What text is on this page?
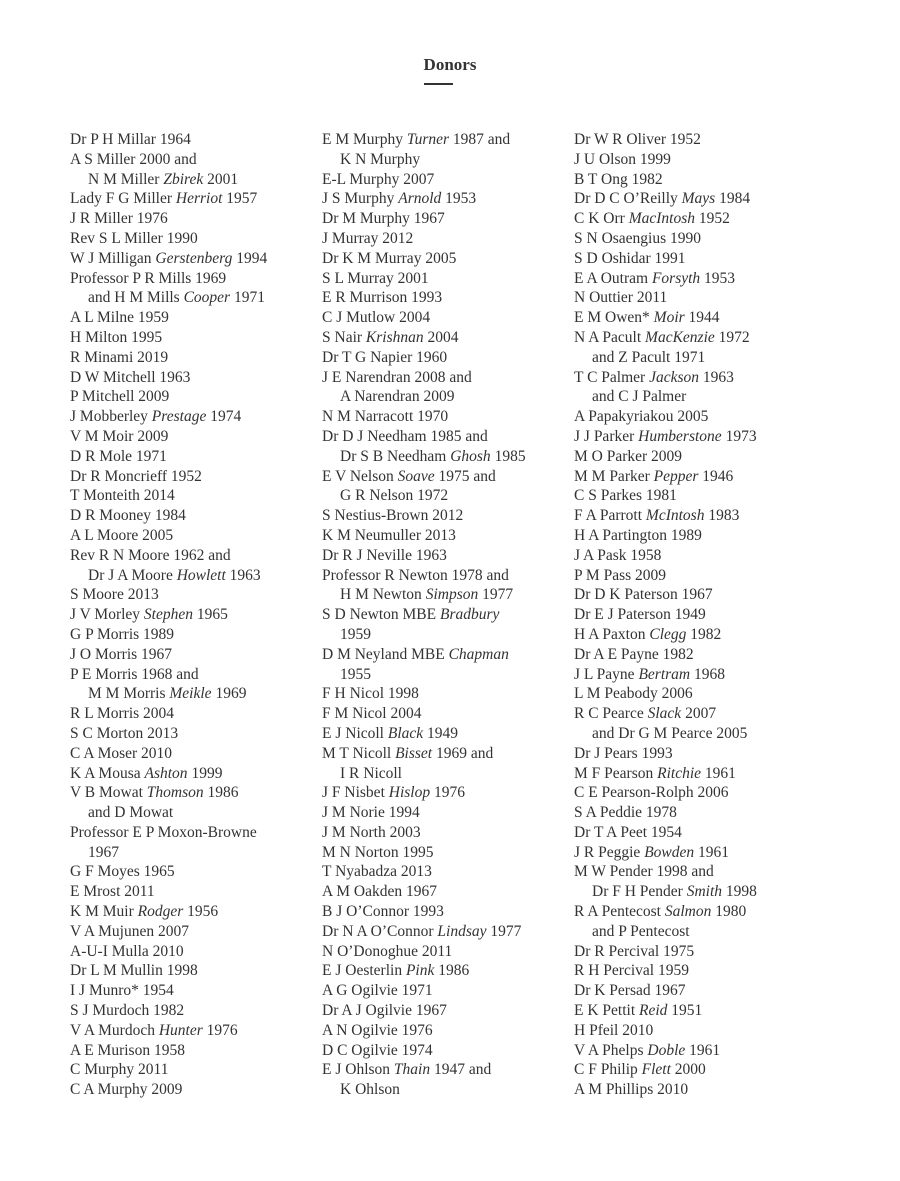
Donors
Dr P H Millar 1964
A S Miller 2000 and
N M Miller Zbirek 2001
Lady F G Miller Herriot 1957
J R Miller 1976
Rev S L Miller 1990
W J Milligan Gerstenberg 1994
Professor P R Mills 1969
and H M Mills Cooper 1971
A L Milne 1959
H Milton 1995
R Minami 2019
D W Mitchell 1963
P Mitchell 2009
J Mobberley Prestage 1974
V M Moir 2009
D R Mole 1971
Dr R Moncrieff 1952
T Monteith 2014
D R Mooney 1984
A L Moore 2005
Rev R N Moore 1962 and
Dr J A Moore Howlett 1963
S Moore 2013
J V Morley Stephen 1965
G P Morris 1989
J O Morris 1967
P E Morris 1968 and
M M Morris Meikle 1969
R L Morris 2004
S C Morton 2013
C A Moser 2010
K A Mousa Ashton 1999
V B Mowat Thomson 1986
and D Mowat
Professor E P Moxon-Browne
1967
G F Moyes 1965
E Mrost 2011
K M Muir Rodger 1956
V A Mujunen 2007
A-U-I Mulla 2010
Dr L M Mullin 1998
I J Munro* 1954
S J Murdoch 1982
V A Murdoch Hunter 1976
A E Murison 1958
C Murphy 2011
C A Murphy 2009
E M Murphy Turner 1987 and
K N Murphy
E-L Murphy 2007
J S Murphy Arnold 1953
Dr M Murphy 1967
J Murray 2012
Dr K M Murray 2005
S L Murray 2001
E R Murrison 1993
C J Mutlow 2004
S Nair Krishnan 2004
Dr T G Napier 1960
J E Narendran 2008 and
A Narendran 2009
N M Narracott 1970
Dr D J Needham 1985 and
Dr S B Needham Ghosh 1985
E V Nelson Soave 1975 and
G R Nelson 1972
S Nestius-Brown 2012
K M Neumuller 2013
Dr R J Neville 1963
Professor R Newton 1978 and
H M Newton Simpson 1977
S D Newton MBE Bradbury
1959
D M Neyland MBE Chapman
1955
F H Nicol 1998
F M Nicol 2004
E J Nicoll Black 1949
M T Nicoll Bisset 1969 and
I R Nicoll
J F Nisbet Hislop 1976
J M Norie 1994
J M North 2003
M N Norton 1995
T Nyabadza 2013
A M Oakden 1967
B J O’Connor 1993
Dr N A O’Connor Lindsay 1977
N O’Donoghue 2011
E J Oesterlin Pink 1986
A G Ogilvie 1971
Dr A J Ogilvie 1967
A N Ogilvie 1976
D C Ogilvie 1974
E J Ohlson Thain 1947 and
K Ohlson
Dr W R Oliver 1952
J U Olson 1999
B T Ong 1982
Dr D C O’Reilly Mays 1984
C K Orr MacIntosh 1952
S N Osaengius 1990
S D Oshidar 1991
E A Outram Forsyth 1953
N Outtier 2011
E M Owen* Moir 1944
N A Pacult MacKenzie 1972
and Z Pacult 1971
T C Palmer Jackson 1963
and C J Palmer
A Papakyriakou 2005
J J Parker Humberstone 1973
M O Parker 2009
M M Parker Pepper 1946
C S Parkes 1981
F A Parrott McIntosh 1983
H A Partington 1989
J A Pask 1958
P M Pass 2009
Dr D K Paterson 1967
Dr E J Paterson 1949
H A Paxton Clegg 1982
Dr A E Payne 1982
J L Payne Bertram 1968
L M Peabody 2006
R C Pearce Slack 2007
and Dr G M Pearce 2005
Dr J Pears 1993
M F Pearson Ritchie 1961
C E Pearson-Rolph 2006
S A Peddie 1978
Dr T A Peet 1954
J R Peggie Bowden 1961
M W Pender 1998 and
Dr F H Pender Smith 1998
R A Pentecost Salmon 1980
and P Pentecost
Dr R Percival 1975
R H Percival 1959
Dr K Persad 1967
E K Pettit Reid 1951
H Pfeil 2010
V A Phelps Doble 1961
C F Philip Flett 2000
A M Phillips 2010
